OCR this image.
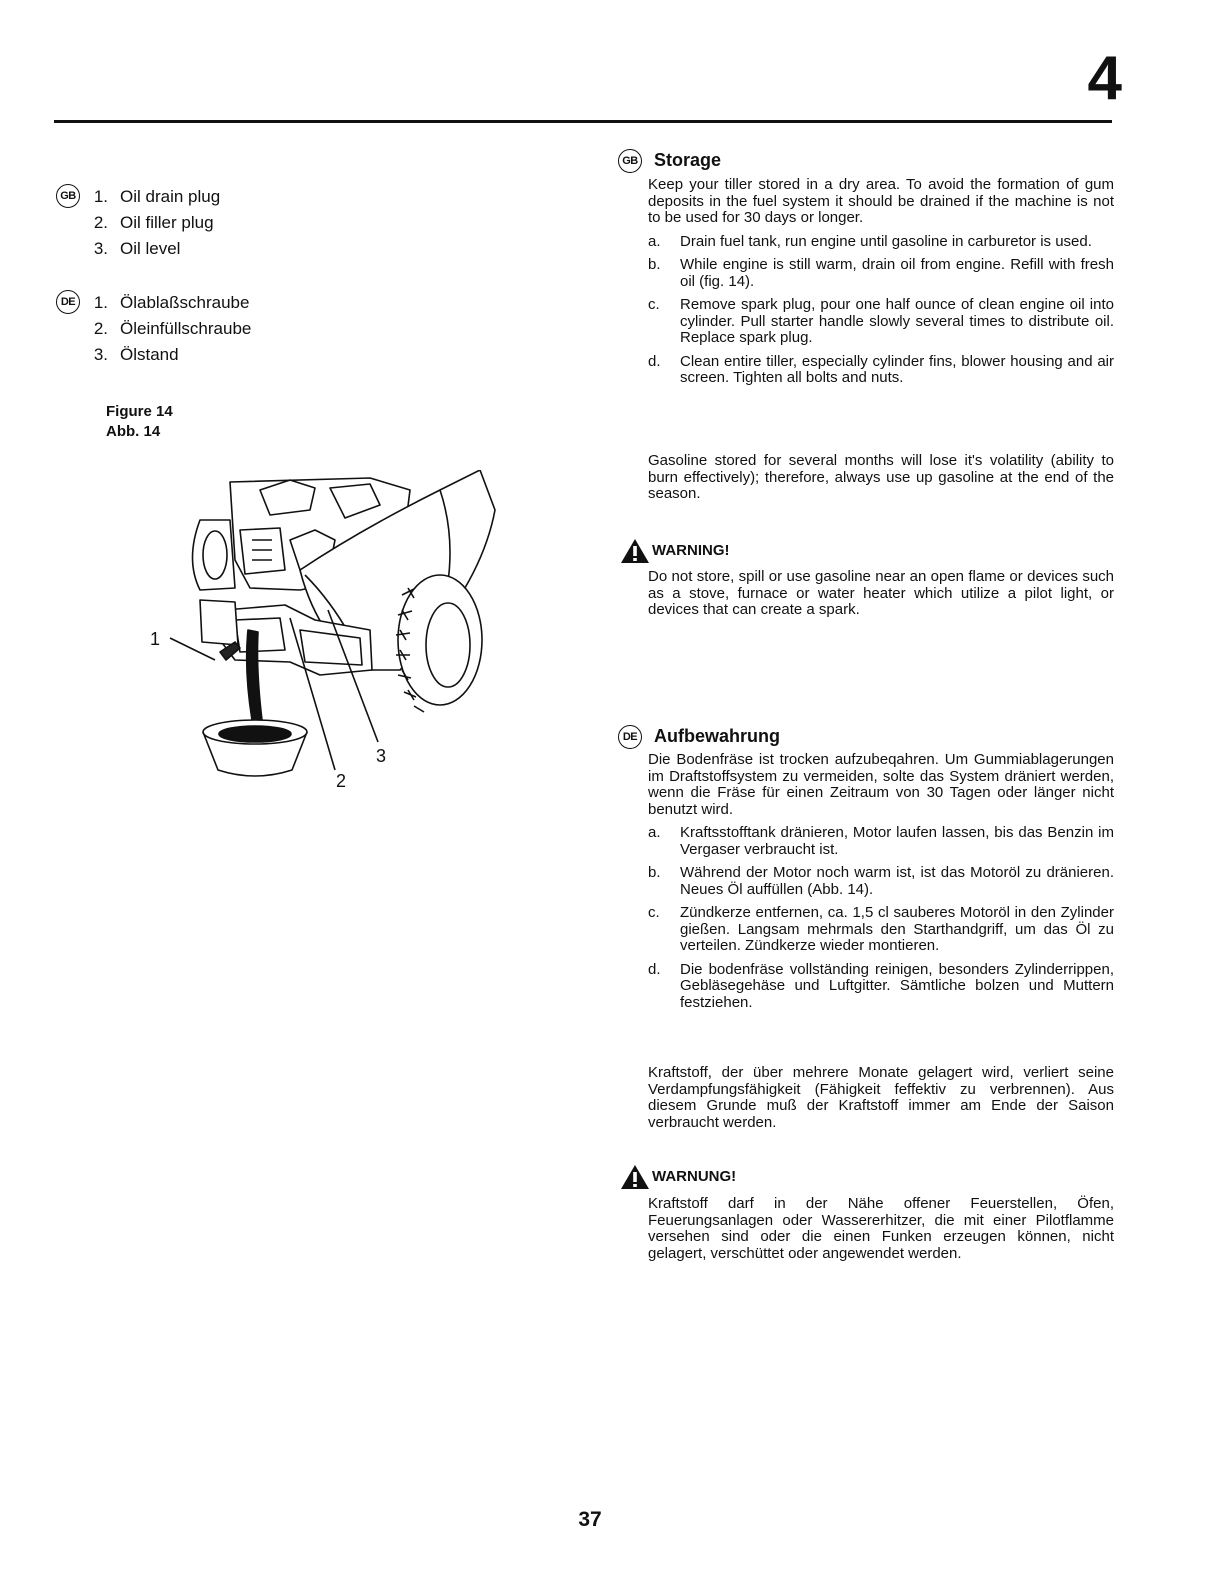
4
GB	1. Oil drain plug
2. Oil filler plug
3. Oil level
DE	1. Ölablaßschraube
2. Öleinfüllschraube
3. Ölstand
Figure 14
Abb. 14
1
2
3
GB Storage
Keep your tiller stored in a dry area. To avoid the formation of gum deposits in the fuel system it should be drained if the machine is not to be used for 30 days or longer.
a. Drain fuel tank, run engine until gasoline in carburetor is used.
b. While engine is still warm, drain oil from engine. Refill with fresh oil (fig. 14).
c. Remove spark plug, pour one half ounce of clean engine oil into cylinder. Pull starter handle slowly several times to distribute oil. Replace spark plug.
d. Clean entire tiller, especially cylinder fins, blower housing and air screen. Tighten all bolts and nuts.
Gasoline stored for several months will lose it's volatility (ability to burn effectively); therefore, always use up gasoline at the end of the season.
WARNING!
Do not store, spill or use gasoline near an open flame or devices such as a stove, furnace or water heater which utilize a pilot light, or devices that can create a spark.
DE Aufbewahrung
Die Bodenfräse ist trocken aufzubeqahren. Um Gummiablagerungen im Draftstoffsystem zu vermeiden, solte das System dräniert werden, wenn die Fräse für einen Zeitraum von 30 Tagen oder länger nicht benutzt wird.
a. Kraftsstofftank dränieren, Motor laufen lassen, bis das Benzin im Vergaser verbraucht ist.
b. Während der Motor noch warm ist, ist das Motoröl zu dränieren. Neues Öl auffüllen (Abb. 14).
c. Zündkerze entfernen, ca. 1,5 cl sauberes Motoröl in den Zylinder gießen. Langsam mehrmals den Starthandgriff, um das Öl zu verteilen. Zündkerze wieder montieren.
d. Die bodenfräse vollständing reinigen, besonders Zylinderrippen, Gebläsegehäse und Luftgitter. Sämtliche bolzen und Muttern festziehen.
Kraftstoff, der über mehrere Monate gelagert wird, verliert seine Verdampfungsfähigkeit (Fähigkeit feffektiv zu verbrennen). Aus diesem Grunde muß der Kraftstoff immer am Ende der Saison verbraucht werden.
WARNUNG!
Kraftstoff darf in der Nähe offener Feuerstellen, Öfen, Feuerungsanlagen oder Wassererhitzer, die mit einer Pilotflamme versehen sind oder die einen Funken erzeugen können, nicht gelagert, verschüttet oder angewendet werden.
37
